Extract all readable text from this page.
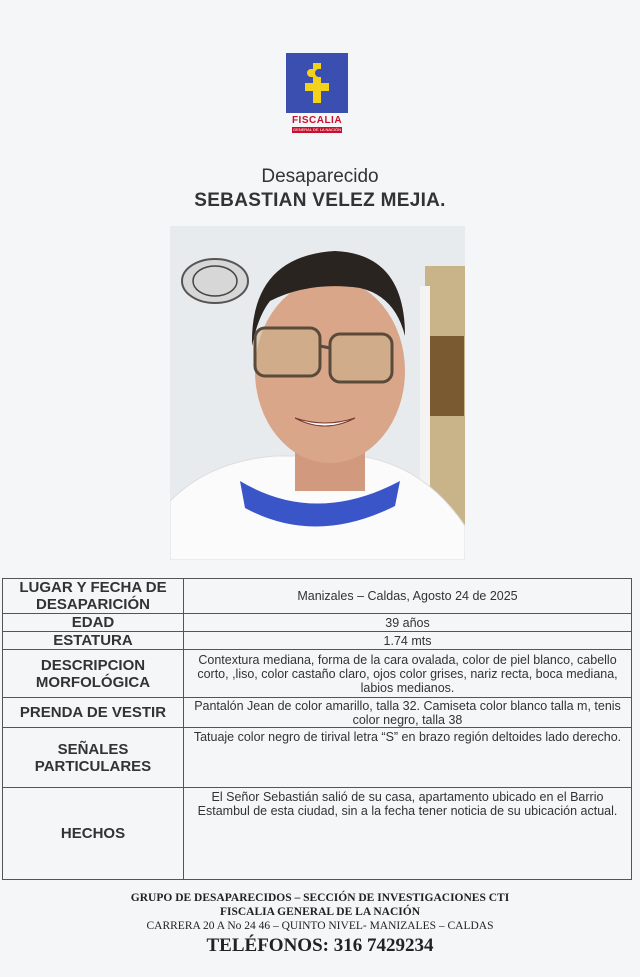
FISCALIA
GENERAL DE LA NACIÓN
Desaparecido
SEBASTIAN VELEZ MEJIA.
LUGAR Y FECHA DE DESAPARICIÓN	Manizales – Caldas, Agosto 24 de 2025
EDAD	39 años
ESTATURA	1.74 mts
DESCRIPCION MORFOLÓGICA	Contextura mediana, forma de la cara ovalada, color de piel blanco, cabello corto, ,liso, color castaño claro, ojos color grises, nariz recta, boca mediana, labios medianos.
PRENDA DE VESTIR	Pantalón Jean de color amarillo, talla 32. Camiseta color blanco talla m, tenis color negro, talla 38
SEÑALES PARTICULARES	Tatuaje color negro de tirival letra “S” en brazo región deltoides lado derecho.
HECHOS	El Señor Sebastián salió de su casa, apartamento ubicado en el Barrio Estambul de esta ciudad, sin a la fecha tener noticia de su ubicación actual.
GRUPO DE DESAPARECIDOS – SECCIÓN DE INVESTIGACIONES CTI
FISCALIA GENERAL DE LA NACIÓN
CARRERA 20 A No 24 46 – QUINTO NIVEL- MANIZALES – CALDAS
TELÉFONOS: 316 7429234
